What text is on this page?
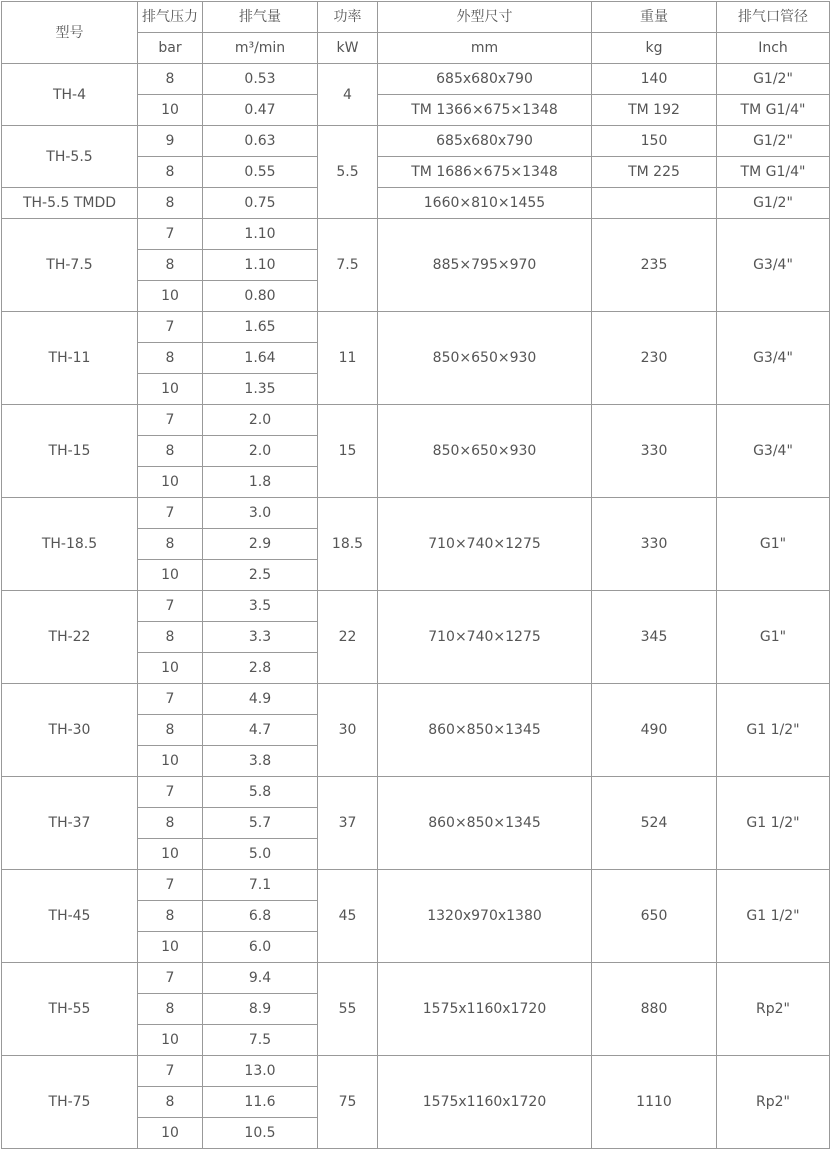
型号	排气压力	排气量	功率	外型尺寸	重量	排气口管径
	bar	m³/min	kW	mm	kg	Inch
TH-4	8	0.53	4	685x680x790	140	G1/2"
	10	0.47		TM 1366×675×1348	TM 192	TM G1/4"
TH-5.5	9	0.63	5.5	685x680x790	150	G1/2"
	8	0.55		TM 1686×675×1348	TM 225	TM G1/4"
TH-5.5 TMDD	8	0.75		1660×810×1455		G1/2"
TH-7.5	7	1.10	7.5	885×795×970	235	G3/4"
	8	1.10				
	10	0.80				
TH-11	7	1.65	11	850×650×930	230	G3/4"
	8	1.64				
	10	1.35				
TH-15	7	2.0	15	850×650×930	330	G3/4"
	8	2.0				
	10	1.8				
TH-18.5	7	3.0	18.5	710×740×1275	330	G1"
	8	2.9				
	10	2.5				
TH-22	7	3.5	22	710×740×1275	345	G1"
	8	3.3				
	10	2.8				
TH-30	7	4.9	30	860×850×1345	490	G1 1/2"
	8	4.7				
	10	3.8				
TH-37	7	5.8	37	860×850×1345	524	G1 1/2"
	8	5.7				
	10	5.0				
TH-45	7	7.1	45	1320x970x1380	650	G1 1/2"
	8	6.8				
	10	6.0				
TH-55	7	9.4	55	1575x1160x1720	880	Rp2"
	8	8.9				
	10	7.5				
TH-75	7	13.0	75	1575x1160x1720	1110	Rp2"
	8	11.6				
	10	10.5				
